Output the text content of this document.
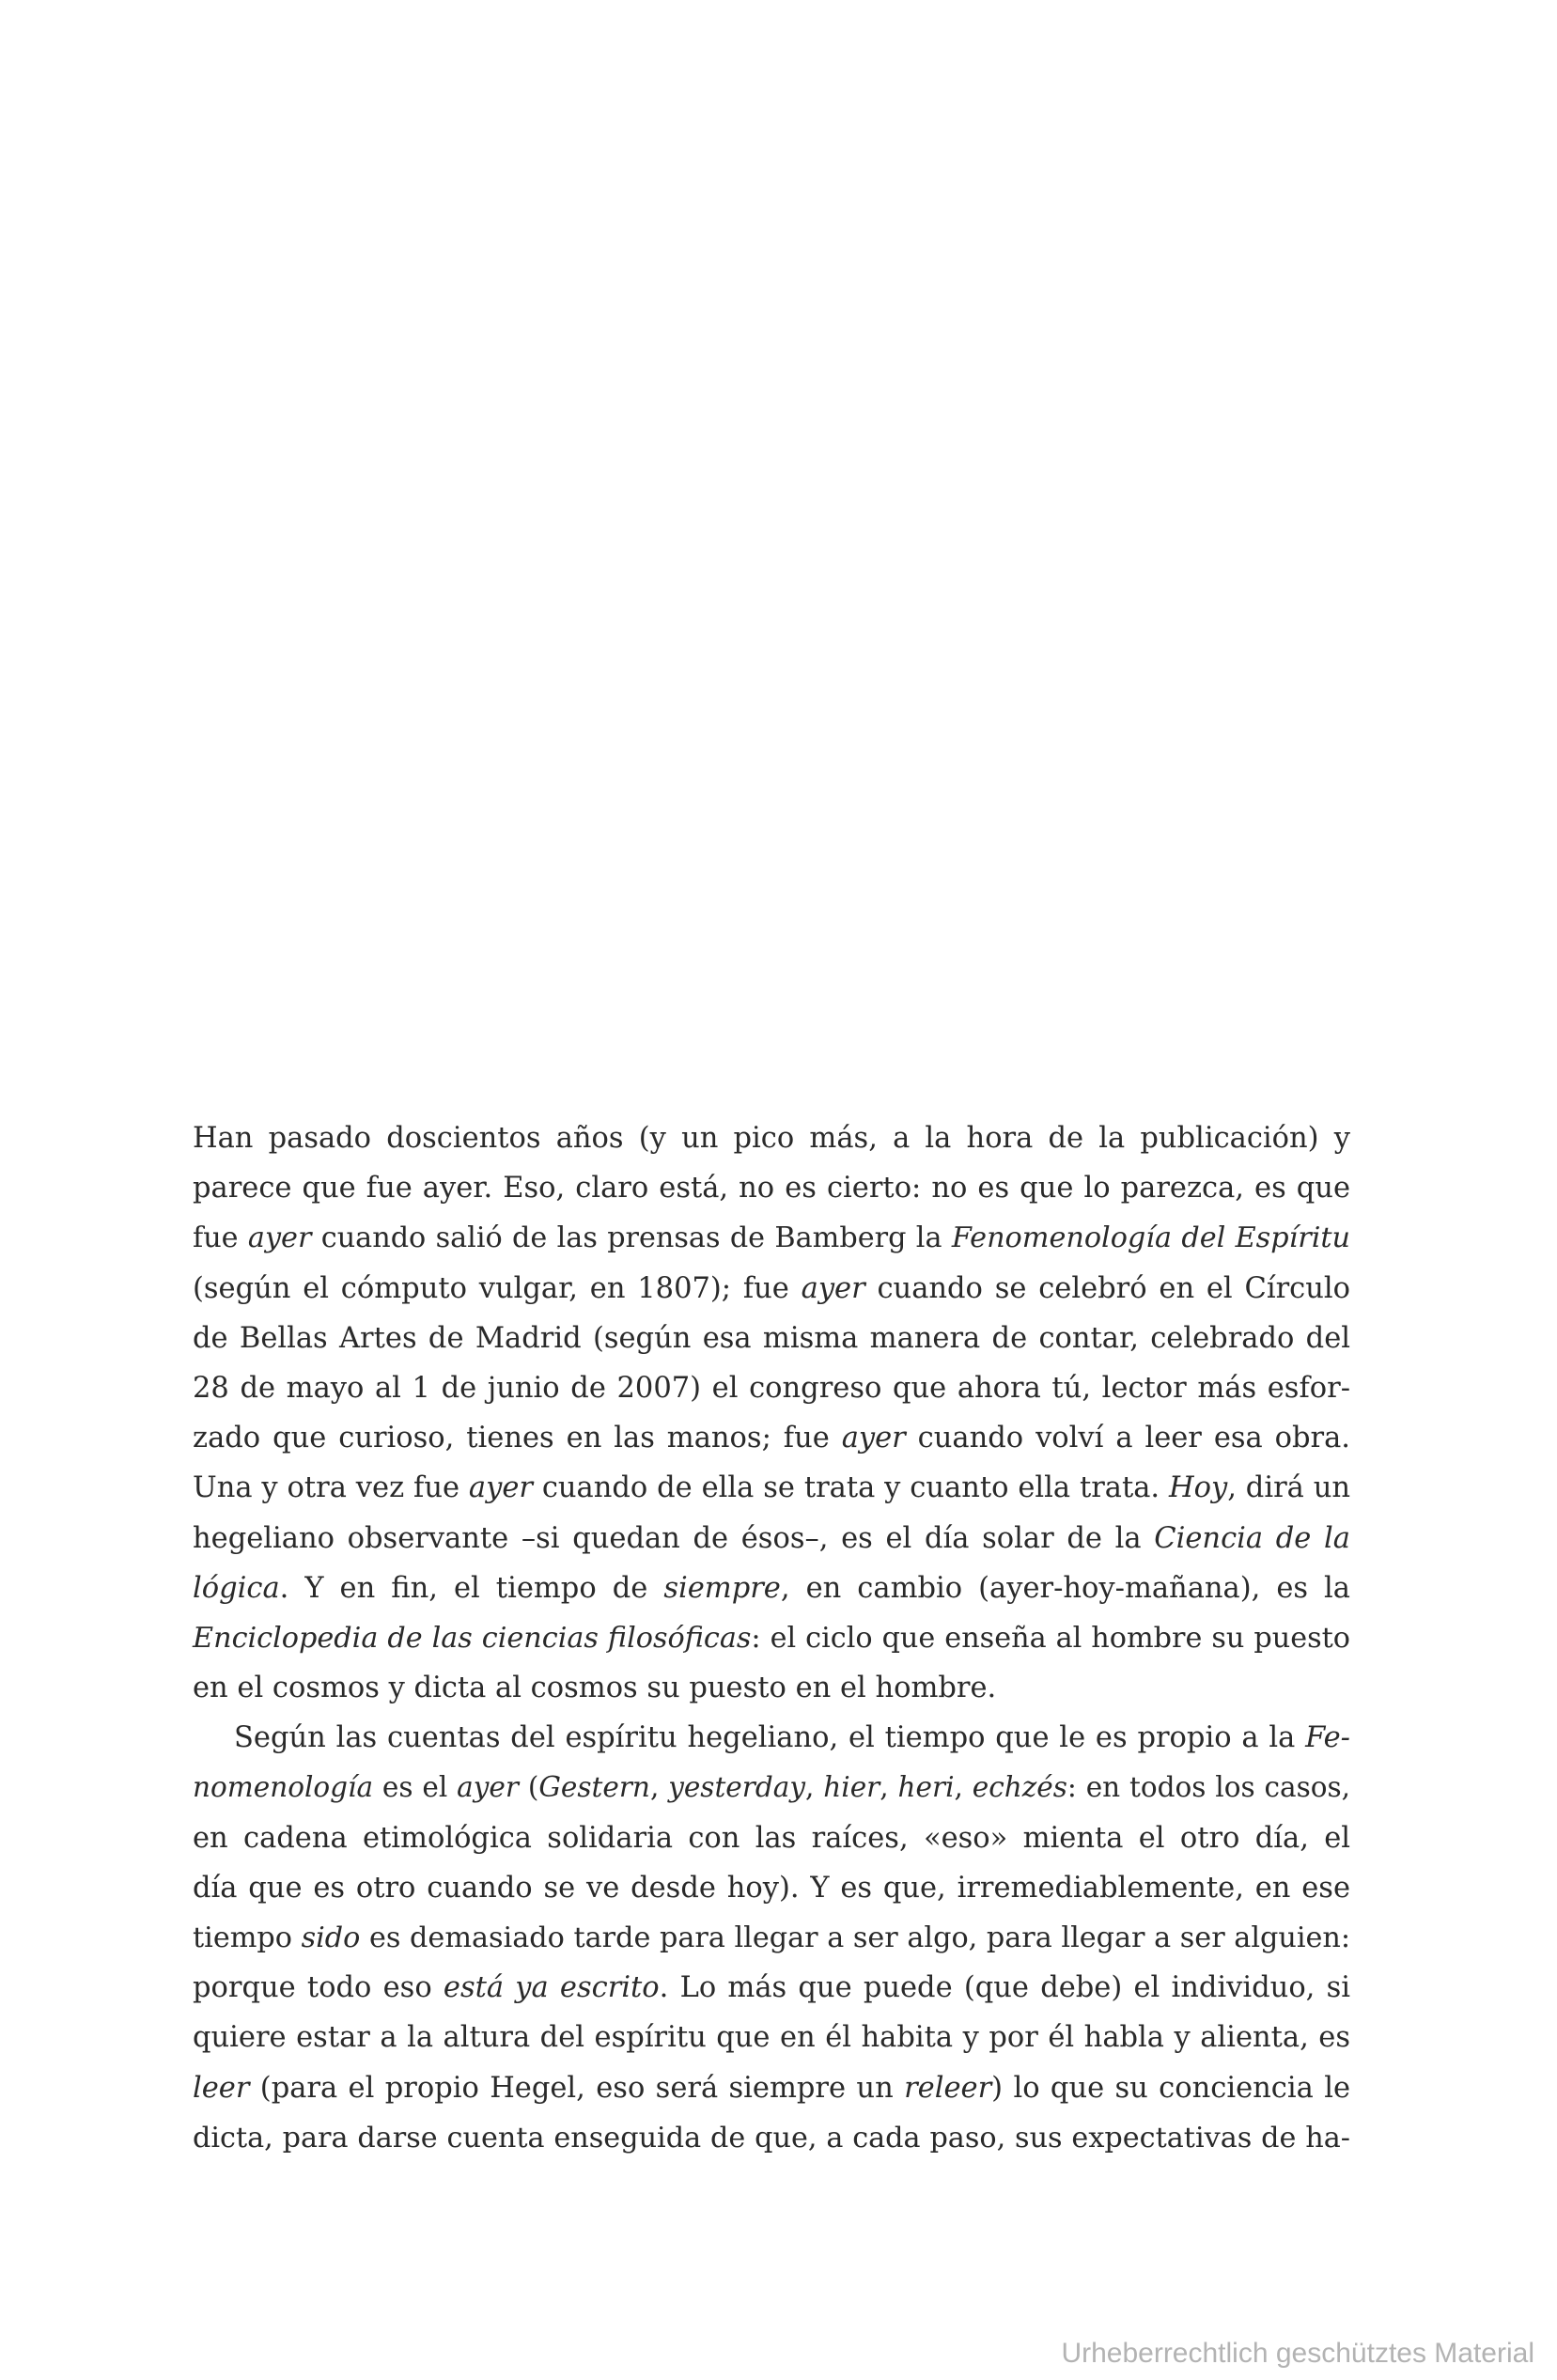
Han pasado doscientos años (y un pico más, a la hora de la publicación) y
parece que fue ayer. Eso, claro está, no es cierto: no es que lo parezca, es que
fue ayer cuando salió de las prensas de Bamberg la Fenomenología del Espíritu
(según el cómputo vulgar, en 1807); fue ayer cuando se celebró en el Círculo
de Bellas Artes de Madrid (según esa misma manera de contar, celebrado del
28 de mayo al 1 de junio de 2007) el congreso que ahora tú, lector más esfor-
zado que curioso, tienes en las manos; fue ayer cuando volví a leer esa obra.
Una y otra vez fue ayer cuando de ella se trata y cuanto ella trata. Hoy, dirá un
hegeliano observante –si quedan de ésos–, es el día solar de la Ciencia de la
lógica. Y en fin, el tiempo de siempre, en cambio (ayer-hoy-mañana), es la
Enciclopedia de las ciencias filosóficas: el ciclo que enseña al hombre su puesto
en el cosmos y dicta al cosmos su puesto en el hombre.
Según las cuentas del espíritu hegeliano, el tiempo que le es propio a la Fe-
nomenología es el ayer (Gestern, yesterday, hier, heri, echzés: en todos los casos,
en cadena etimológica solidaria con las raíces, «eso» mienta el otro día, el
día que es otro cuando se ve desde hoy). Y es que, irremediablemente, en ese
tiempo sido es demasiado tarde para llegar a ser algo, para llegar a ser alguien:
porque todo eso está ya escrito. Lo más que puede (que debe) el individuo, si
quiere estar a la altura del espíritu que en él habita y por él habla y alienta, es
leer (para el propio Hegel, eso será siempre un releer) lo que su conciencia le
dicta, para darse cuenta enseguida de que, a cada paso, sus expectativas de ha-
Urheberrechtlich geschütztes Material
